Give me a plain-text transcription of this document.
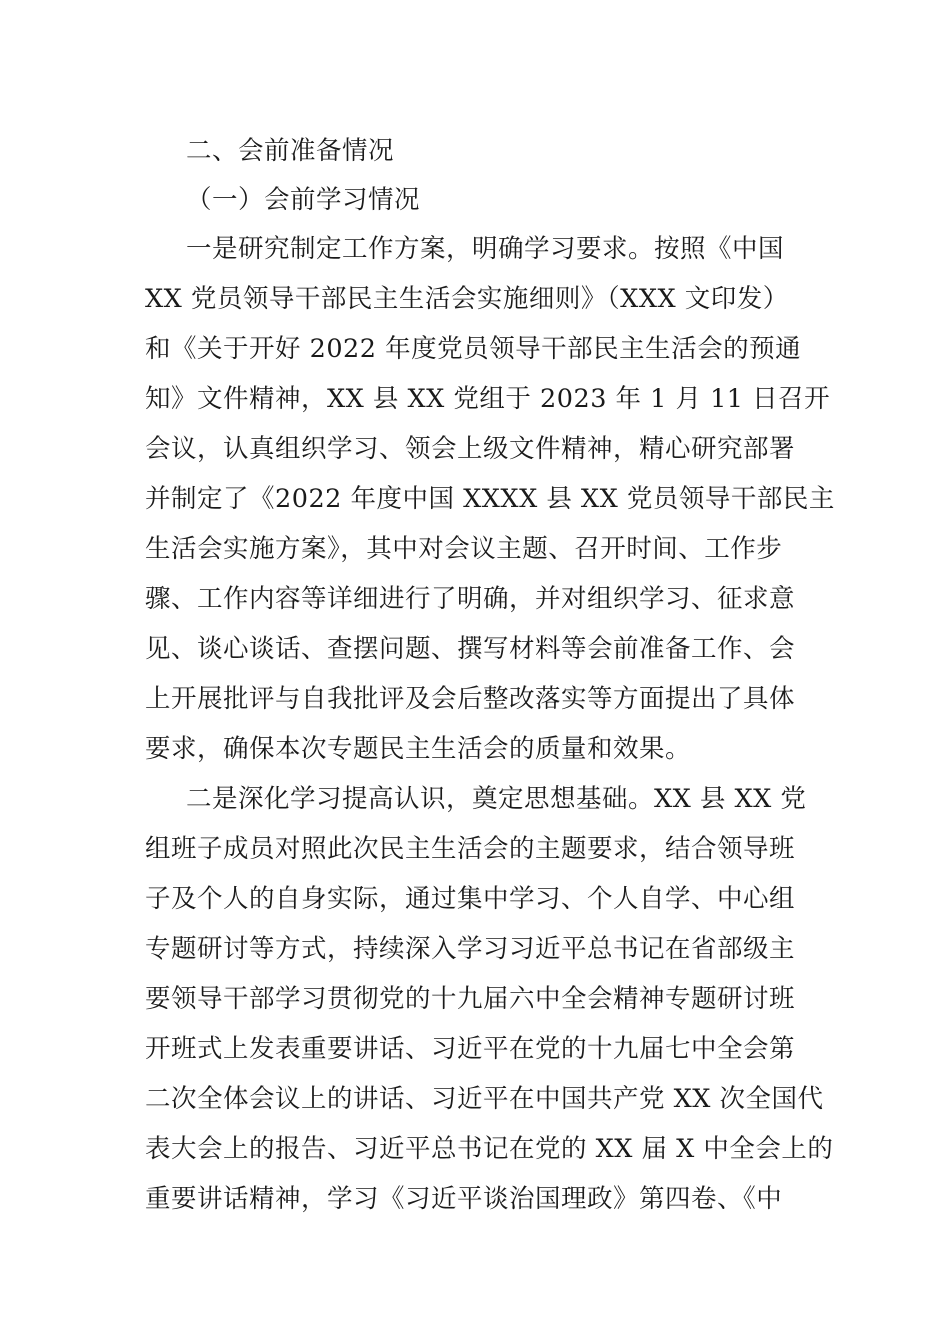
二、会前准备情况
（一）会前学习情况
一是研究制定工作方案，明确学习要求。按照《中国
XX 党员领导干部民主生活会实施细则》（XXX 文印发）
和《关于开好 2022 年度党员领导干部民主生活会的预通
知》文件精神，XX 县 XX 党组于 2023 年 1 月 11 日召开
会议，认真组织学习、领会上级文件精神，精心研究部署
并制定了《2022 年度中国 XXXX 县 XX 党员领导干部民主
生活会实施方案》，其中对会议主题、召开时间、工作步
骤、工作内容等详细进行了明确，并对组织学习、征求意
见、谈心谈话、查摆问题、撰写材料等会前准备工作、会
上开展批评与自我批评及会后整改落实等方面提出了具体
要求，确保本次专题民主生活会的质量和效果。
二是深化学习提高认识，奠定思想基础。XX 县 XX 党
组班子成员对照此次民主生活会的主题要求，结合领导班
子及个人的自身实际，通过集中学习、个人自学、中心组
专题研讨等方式，持续深入学习习近平总书记在省部级主
要领导干部学习贯彻党的十九届六中全会精神专题研讨班
开班式上发表重要讲话、习近平在党的十九届七中全会第
二次全体会议上的讲话、习近平在中国共产党 XX 次全国代
表大会上的报告、习近平总书记在党的 XX 届 X 中全会上的
重要讲话精神，学习《习近平谈治国理政》第四卷、《中
